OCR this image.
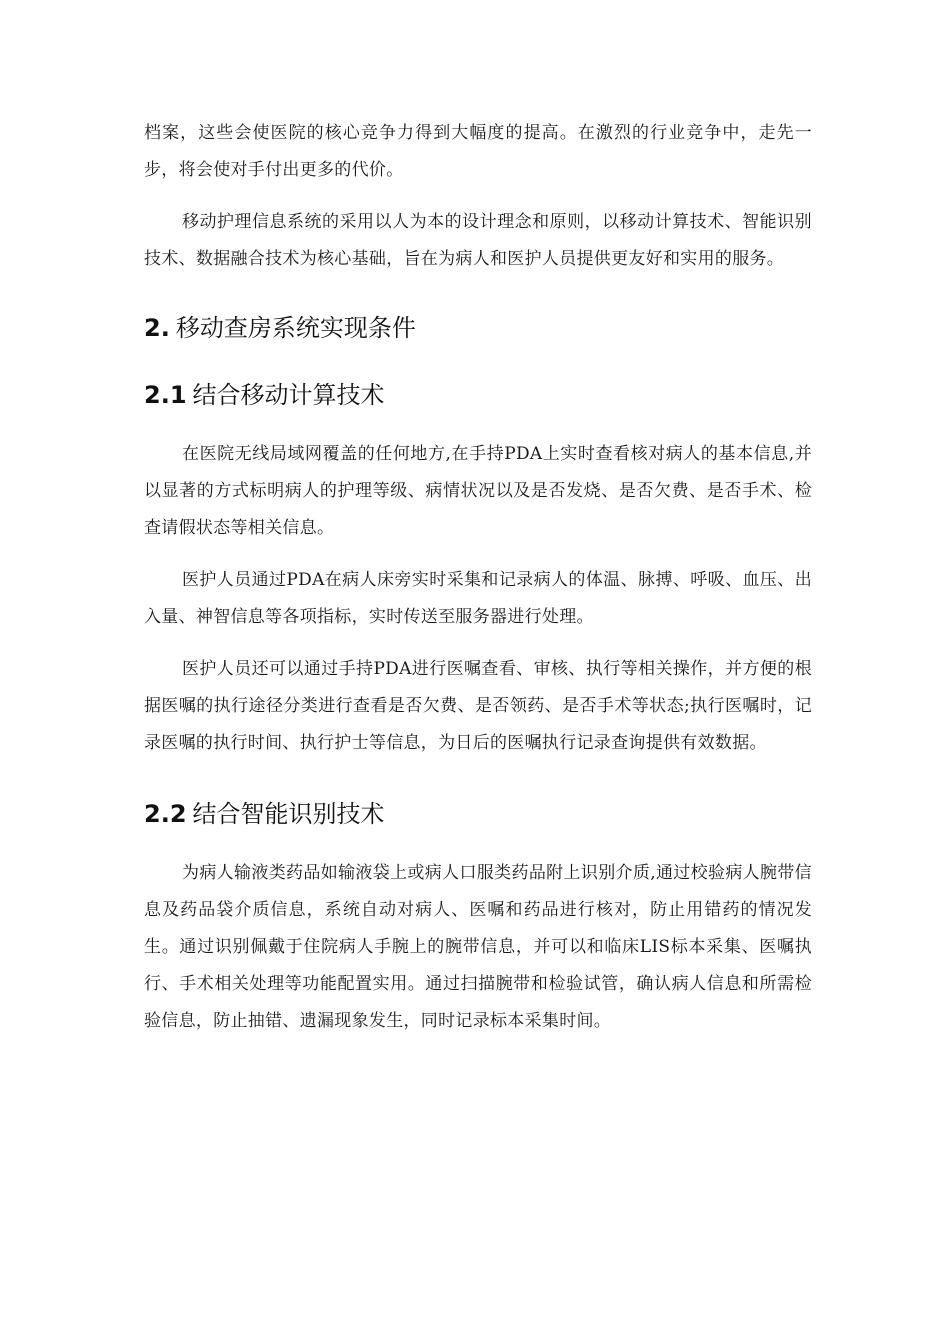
档案，这些会使医院的核心竞争力得到大幅度的提高。在激烈的行业竞争中，走先一步，将会使对手付出更多的代价。

移动护理信息系统的采用以人为本的设计理念和原则，以移动计算技术、智能识别技术、数据融合技术为核心基础，旨在为病人和医护人员提供更友好和实用的服务。

2. 移动查房系统实现条件
2.1 结合移动计算技术

在医院无线局域网覆盖的任何地方,在手持PDA上实时查看核对病人的基本信息,并以显著的方式标明病人的护理等级、病情状况以及是否发烧、是否欠费、是否手术、检查请假状态等相关信息。

医护人员通过PDA在病人床旁实时采集和记录病人的体温、脉搏、呼吸、血压、出入量、神智信息等各项指标，实时传送至服务器进行处理。

医护人员还可以通过手持PDA进行医嘱查看、审核、执行等相关操作，并方便的根据医嘱的执行途径分类进行查看是否欠费、是否领药、是否手术等状态;执行医嘱时，记录医嘱的执行时间、执行护士等信息，为日后的医嘱执行记录查询提供有效数据。

2.2 结合智能识别技术

为病人输液类药品如输液袋上或病人口服类药品附上识别介质,通过校验病人腕带信息及药品袋介质信息，系统自动对病人、医嘱和药品进行核对，防止用错药的情况发生。通过识别佩戴于住院病人手腕上的腕带信息，并可以和临床LIS标本采集、医嘱执行、手术相关处理等功能配置实用。通过扫描腕带和检验试管，确认病人信息和所需检验信息，防止抽错、遗漏现象发生，同时记录标本采集时间。
